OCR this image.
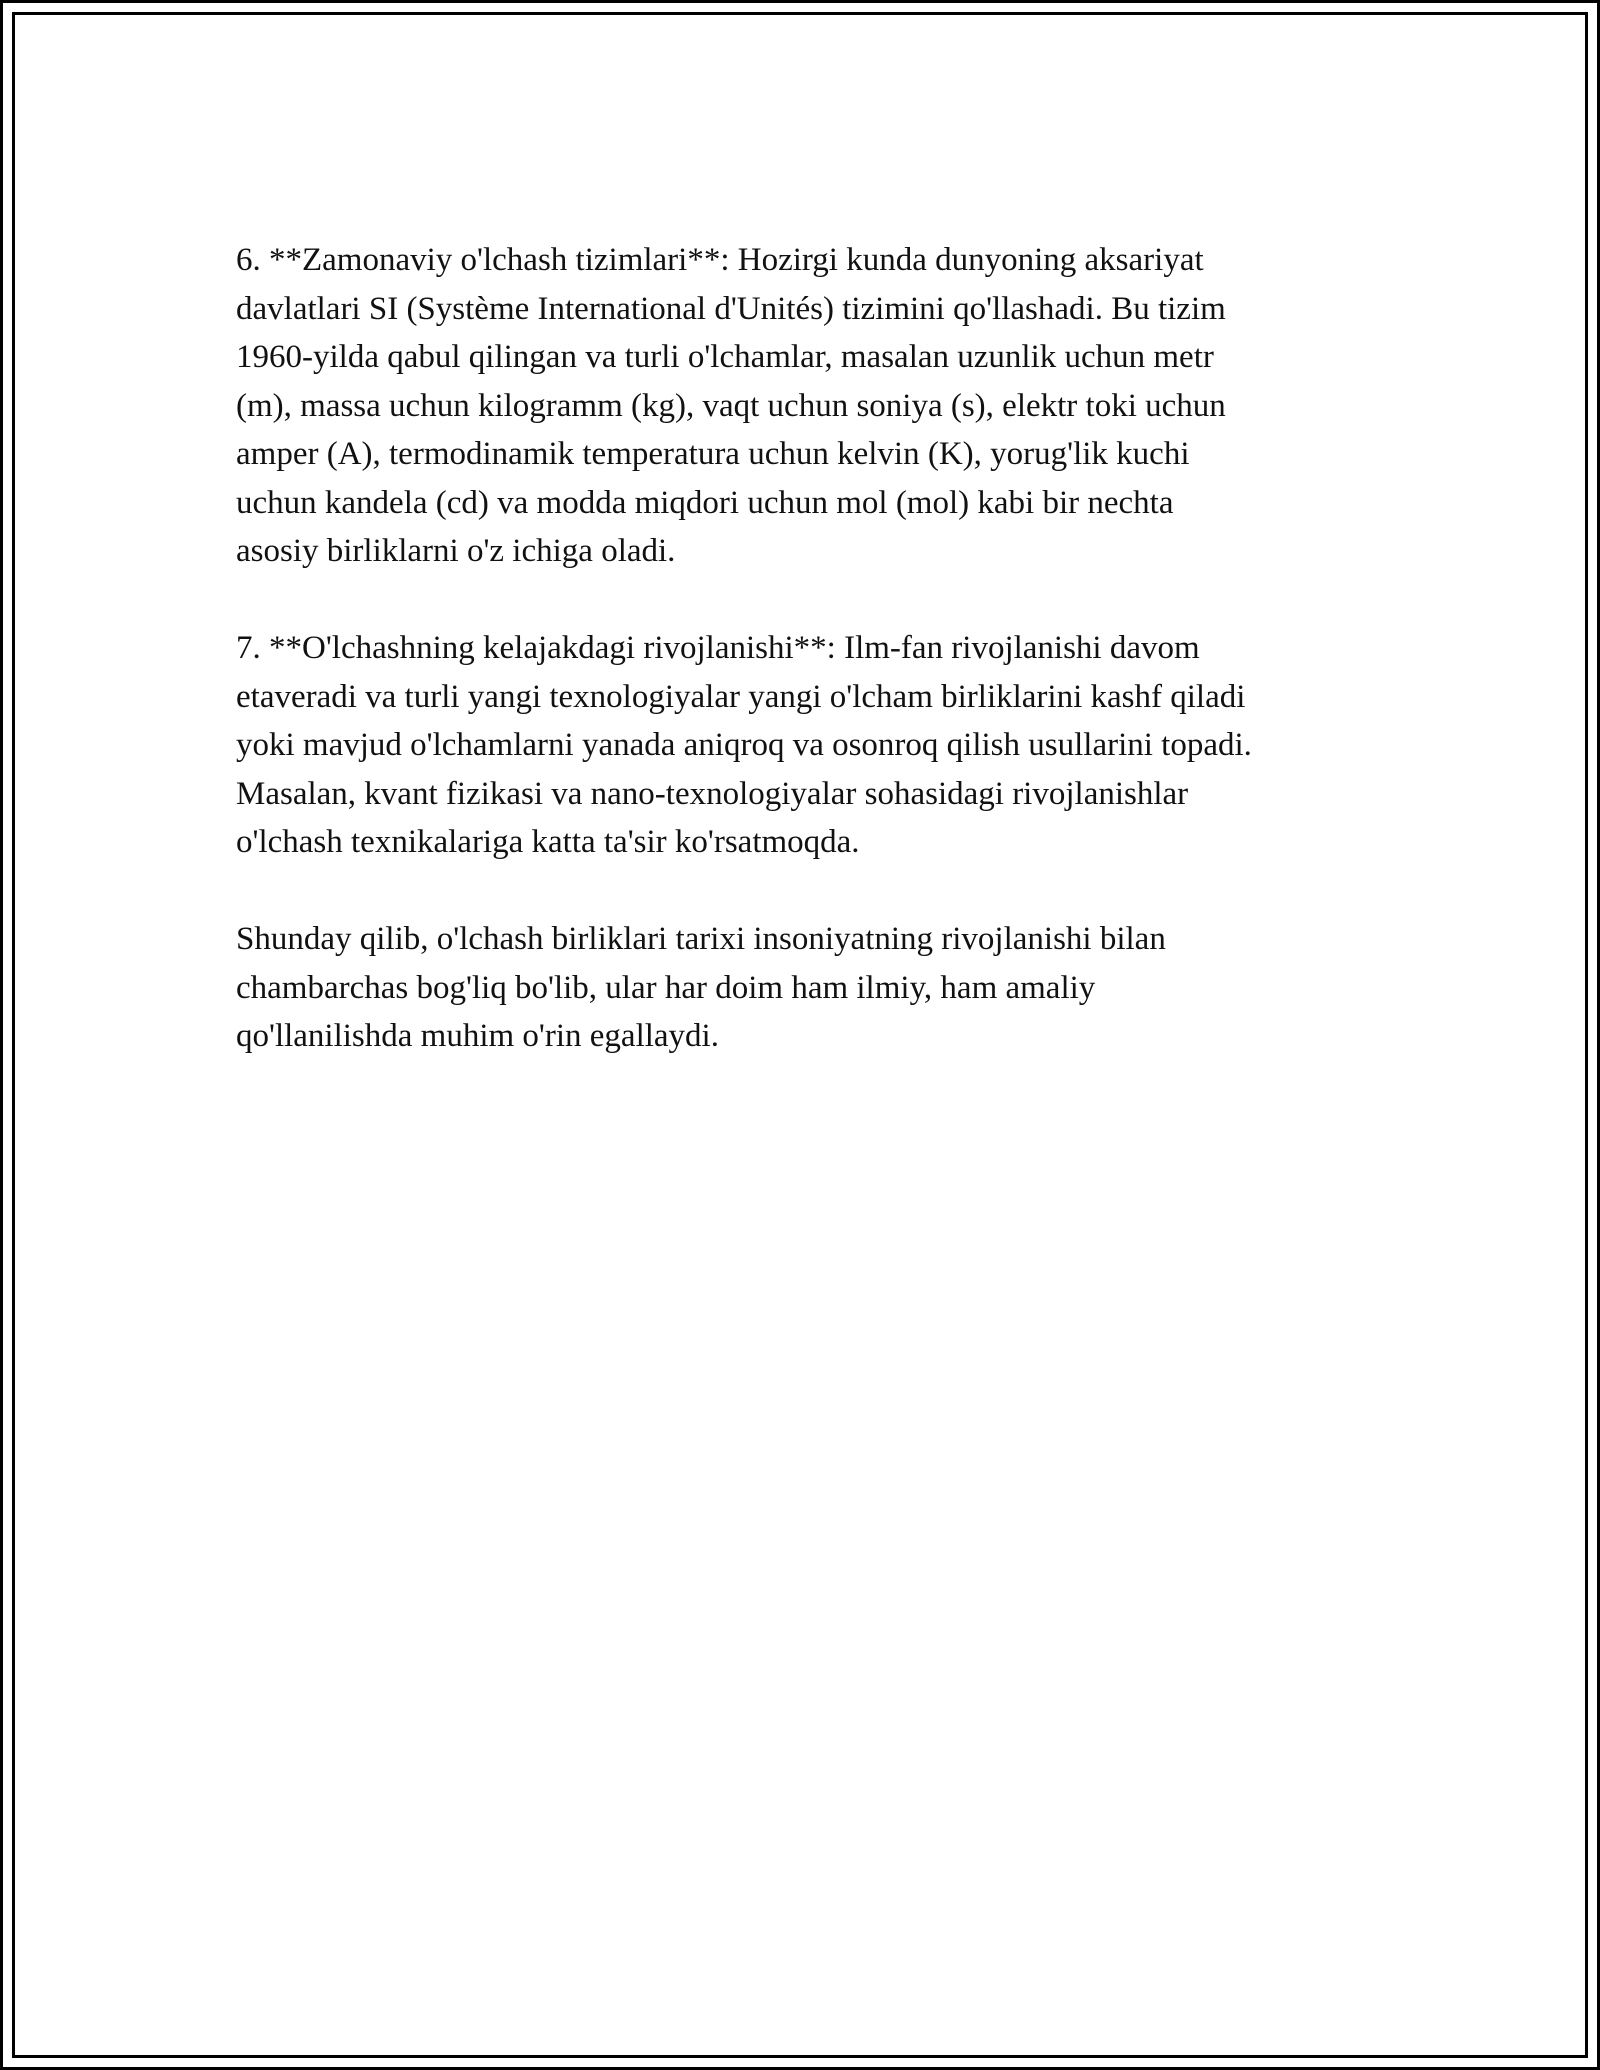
6. **Zamonaviy o'lchash tizimlari**: Hozirgi kunda dunyoning aksariyat
davlatlari SI (Système International d'Unités) tizimini qo'llashadi. Bu tizim
1960-yilda qabul qilingan va turli o'lchamlar, masalan uzunlik uchun metr
(m), massa uchun kilogramm (kg), vaqt uchun soniya (s), elektr toki uchun
amper (A), termodinamik temperatura uchun kelvin (K), yorug'lik kuchi
uchun kandela (cd) va modda miqdori uchun mol (mol) kabi bir nechta
asosiy birliklarni o'z ichiga oladi.

7. **O'lchashning kelajakdagi rivojlanishi**: Ilm-fan rivojlanishi davom
etaveradi va turli yangi texnologiyalar yangi o'lcham birliklarini kashf qiladi
yoki mavjud o'lchamlarni yanada aniqroq va osonroq qilish usullarini topadi.
Masalan, kvant fizikasi va nano-texnologiyalar sohasidagi rivojlanishlar
o'lchash texnikalariga katta ta'sir ko'rsatmoqda.

Shunday qilib, o'lchash birliklari tarixi insoniyatning rivojlanishi bilan
chambarchas bog'liq bo'lib, ular har doim ham ilmiy, ham amaliy
qo'llanilishda muhim o'rin egallaydi.
